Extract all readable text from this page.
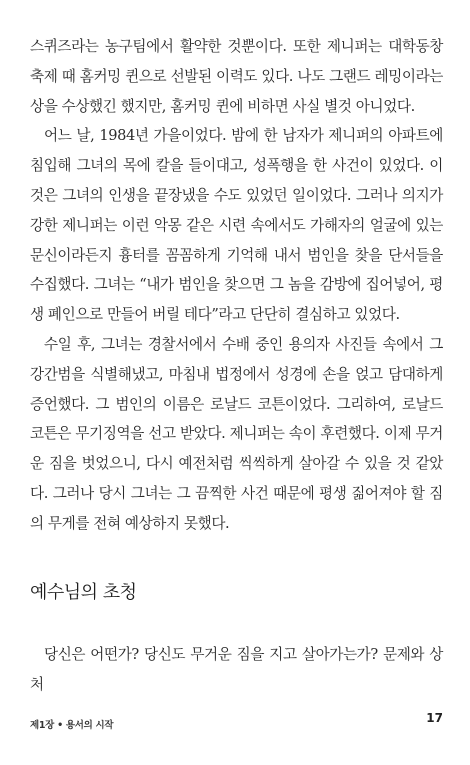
스퀴즈라는 농구팀에서 활약한 것뿐이다. 또한 제니퍼는 대학동창축제 때 홈커밍 퀸으로 선발된 이력도 있다. 나도 그랜드 레밍이라는 상을 수상했긴 했지만, 홈커밍 퀸에 비하면 사실 별것 아니었다.

어느 날, 1984년 가을이었다. 밤에 한 남자가 제니퍼의 아파트에 침입해 그녀의 목에 칼을 들이대고, 성폭행을 한 사건이 있었다. 이것은 그녀의 인생을 끝장냈을 수도 있었던 일이었다. 그러나 의지가 강한 제니퍼는 이런 악몽 같은 시련 속에서도 가해자의 얼굴에 있는 문신이라든지 흉터를 꼼꼼하게 기억해 내서 범인을 찾을 단서들을 수집했다. 그녀는 “내가 범인을 찾으면 그 놈을 감방에 집어넣어, 평생 폐인으로 만들어 버릴 테다”라고 단단히 결심하고 있었다.

수일 후, 그녀는 경찰서에서 수배 중인 용의자 사진들 속에서 그 강간범을 식별해냈고, 마침내 법정에서 성경에 손을 얹고 담대하게 증언했다. 그 범인의 이름은 로날드 코튼이었다. 그리하여, 로날드 코튼은 무기징역을 선고 받았다. 제니퍼는 속이 후련했다. 이제 무거운 짐을 벗었으니, 다시 예전처럼 씩씩하게 살아갈 수 있을 것 같았다. 그러나 당시 그녀는 그 끔찍한 사건 때문에 평생 짊어져야 할 짐의 무게를 전혀 예상하지 못했다.

예수님의 초청

당신은 어떤가? 당신도 무거운 짐을 지고 살아가는가? 문제와 상처

제1장 • 용서의 시작
17
